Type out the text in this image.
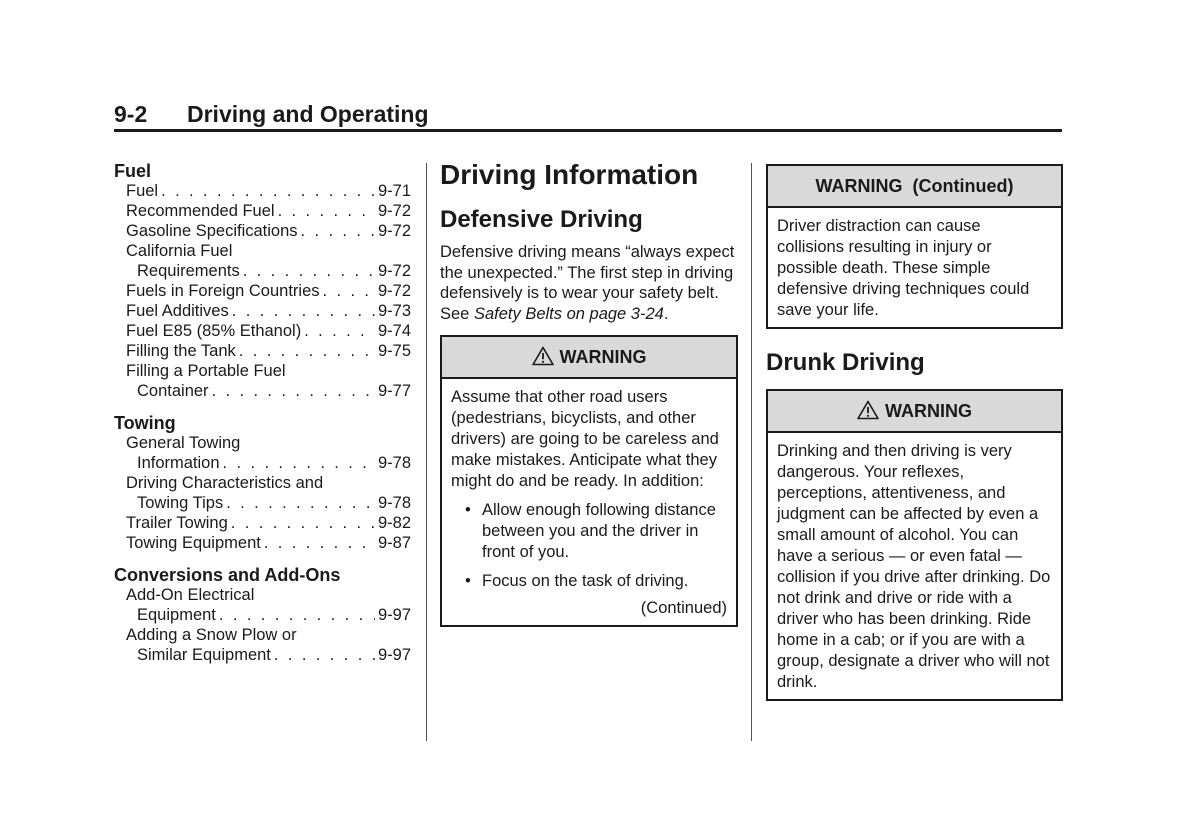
9-2	Driving and Operating
Fuel
Fuel . . .	9-71
Recommended Fuel . . .	9-72
Gasoline Specifications . . .	9-72
California Fuel
Requirements . . .	9-72
Fuels in Foreign Countries . . .	9-72
Fuel Additives . . .	9-73
Fuel E85 (85% Ethanol) . . .	9-74
Filling the Tank . . .	9-75
Filling a Portable Fuel
Container . . .	9-77
Towing
General Towing
Information . . .	9-78
Driving Characteristics and
Towing Tips . . .	9-78
Trailer Towing . . .	9-82
Towing Equipment . . .	9-87
Conversions and Add-Ons
Add-On Electrical
Equipment . . .	9-97
Adding a Snow Plow or
Similar Equipment . . .	9-97
Driving Information
Defensive Driving

Defensive driving means “always expect the unexpected.” The first step in driving defensively is to wear your safety belt. See Safety Belts on page 3-24.

WARNING
Assume that other road users (pedestrians, bicyclists, and other drivers) are going to be careless and make mistakes. Anticipate what they might do and be ready. In addition:
• Allow enough following distance between you and the driver in front of you.
• Focus on the task of driving.
(Continued)
WARNING  (Continued)
Driver distraction can cause collisions resulting in injury or possible death. These simple defensive driving techniques could save your life.
Drunk Driving
WARNING
Drinking and then driving is very dangerous. Your reflexes, perceptions, attentiveness, and judgment can be affected by even a small amount of alcohol. You can have a serious — or even fatal — collision if you drive after drinking. Do not drink and drive or ride with a driver who has been drinking. Ride home in a cab; or if you are with a group, designate a driver who will not drink.
